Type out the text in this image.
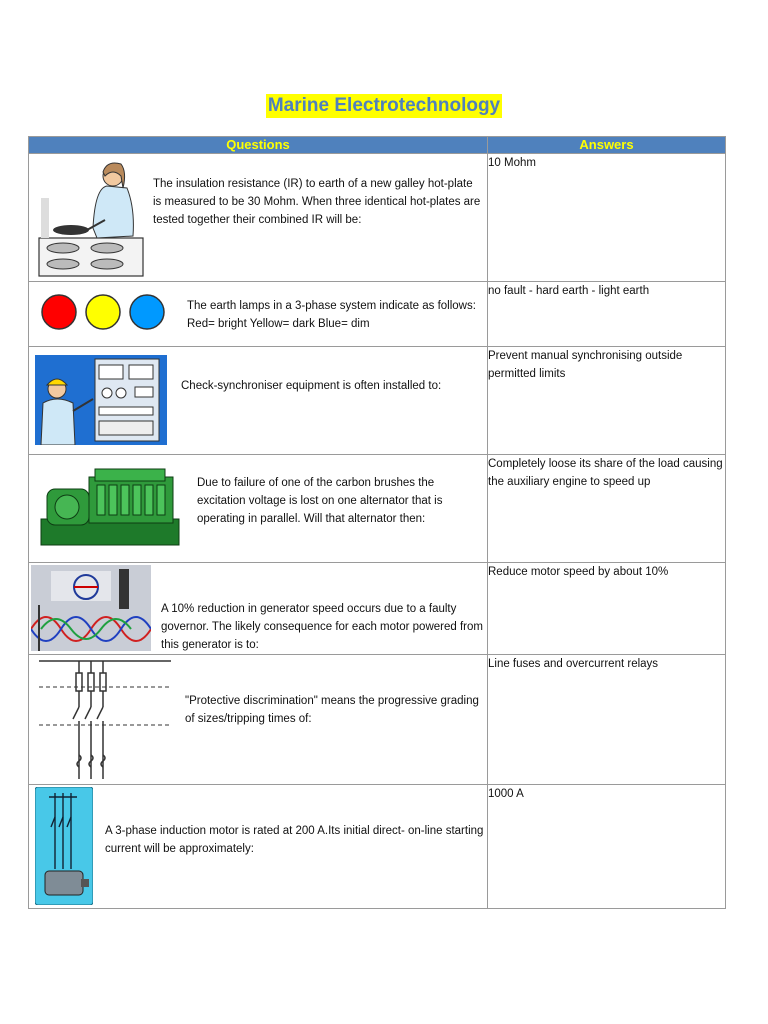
Marine Electrotechnology
Questions	Answers

The insulation resistance (IR) to earth of a new galley hot-plate is measured to be 30 Mohm. When three identical hot-plates are tested together their combined IR will be:	10 Mohm

The earth lamps in a 3-phase system indicate as follows: Red= bright Yellow= dark Blue= dim	no fault - hard earth - light earth

Check-synchroniser equipment is often installed to:	Prevent manual synchronising outside permitted limits

Due to failure of one of the carbon brushes the excitation voltage is lost on one alternator that is operating in parallel. Will that alternator then:	Completely loose its share of the load causing the auxiliary engine to speed up

A 10% reduction in generator speed occurs due to a faulty governor. The likely consequence for each motor powered from this generator is to:	Reduce motor speed by about 10%

"Protective discrimination" means the progressive grading of sizes/tripping times of:	Line fuses and overcurrent relays

A 3-phase induction motor is rated at 200 A.Its initial direct- on-line starting current will be approximately:	1000 A
